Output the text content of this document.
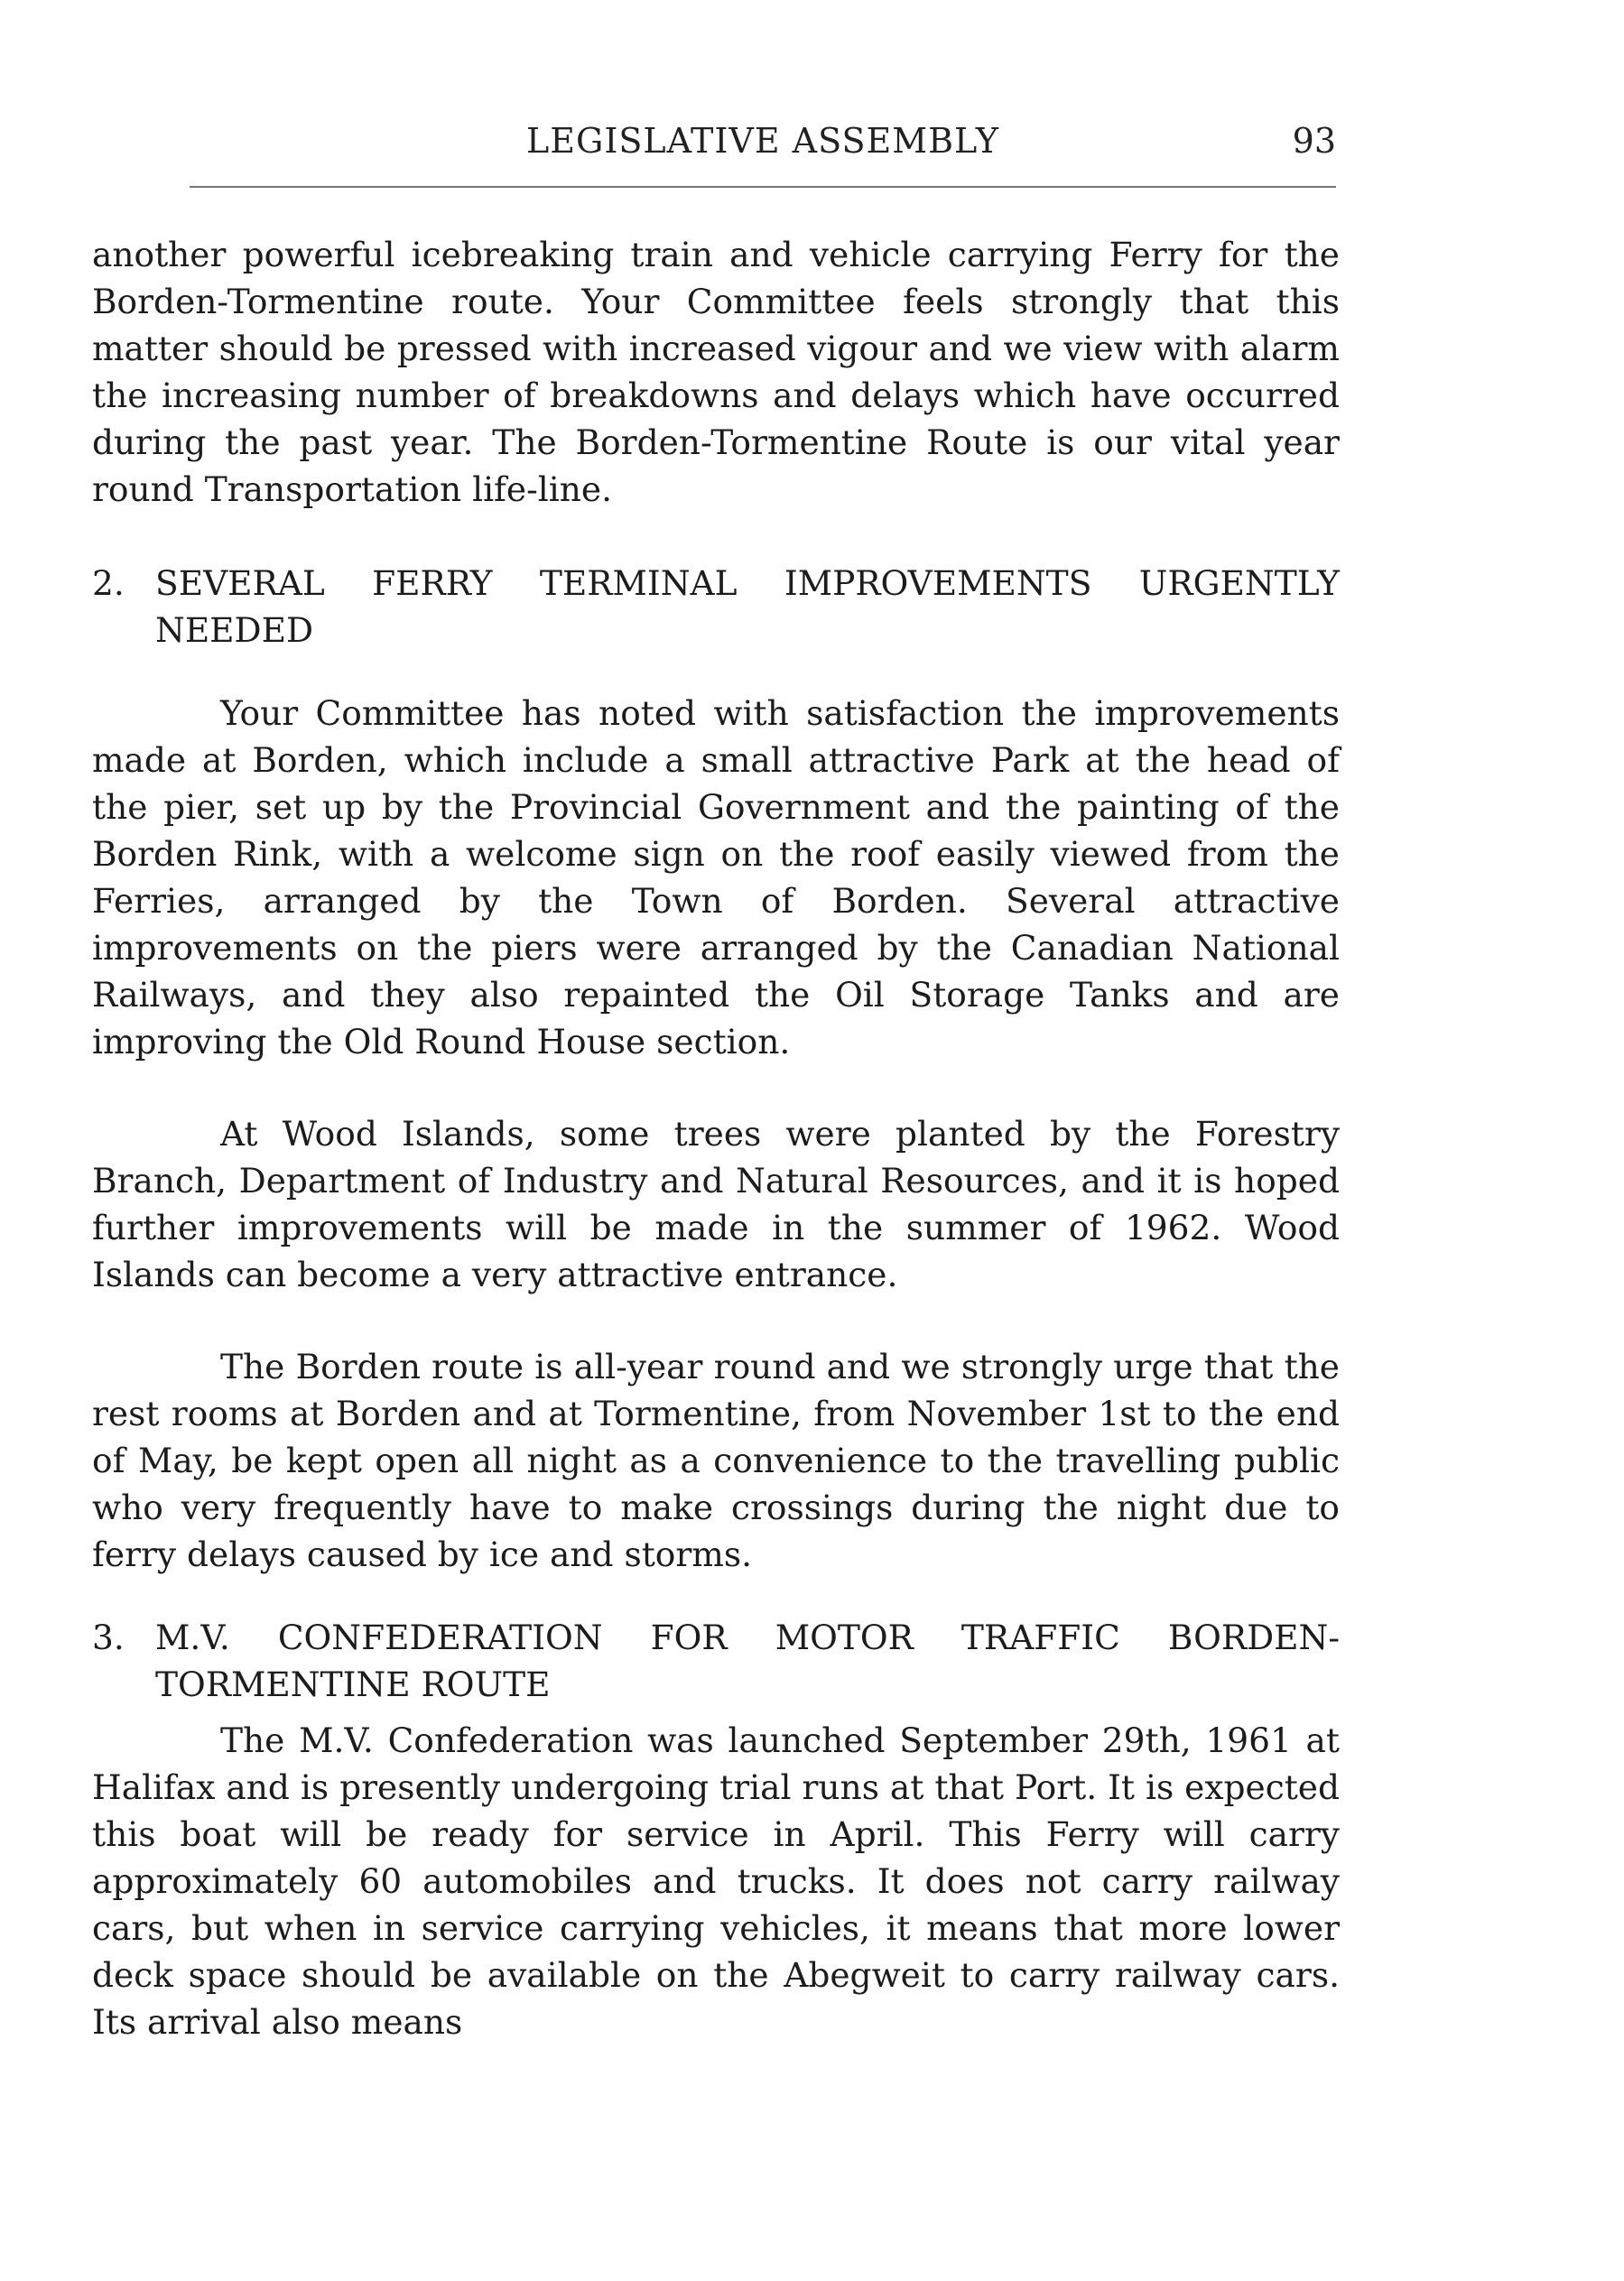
LEGISLATIVE ASSEMBLY	93

another powerful icebreaking train and vehicle carrying Ferry for the Borden-Tormentine route. Your Committee feels strongly that this matter should be pressed with increased vigour and we view with alarm the increasing number of breakdowns and delays which have occurred during the past year. The Borden-Tormentine Route is our vital year round Transportation life-line.

2. SEVERAL FERRY TERMINAL IMPROVEMENTS URGENTLY NEEDED

Your Committee has noted with satisfaction the improvements made at Borden, which include a small attractive Park at the head of the pier, set up by the Provincial Government and the painting of the Borden Rink, with a welcome sign on the roof easily viewed from the Ferries, arranged by the Town of Borden. Several attractive improvements on the piers were arranged by the Canadian National Railways, and they also repainted the Oil Storage Tanks and are improving the Old Round House section.

At Wood Islands, some trees were planted by the Forestry Branch, Department of Industry and Natural Resources, and it is hoped further improvements will be made in the summer of 1962. Wood Islands can become a very attractive entrance.

The Borden route is all-year round and we strongly urge that the rest rooms at Borden and at Tormentine, from November 1st to the end of May, be kept open all night as a convenience to the travelling public who very frequently have to make crossings during the night due to ferry delays caused by ice and storms.

3. M.V. CONFEDERATION FOR MOTOR TRAFFIC BORDEN-TORMENTINE ROUTE

The M.V. Confederation was launched September 29th, 1961 at Halifax and is presently undergoing trial runs at that Port. It is expected this boat will be ready for service in April. This Ferry will carry approximately 60 automobiles and trucks. It does not carry railway cars, but when in service carrying vehicles, it means that more lower deck space should be available on the Abegweit to carry railway cars. Its arrival also means
